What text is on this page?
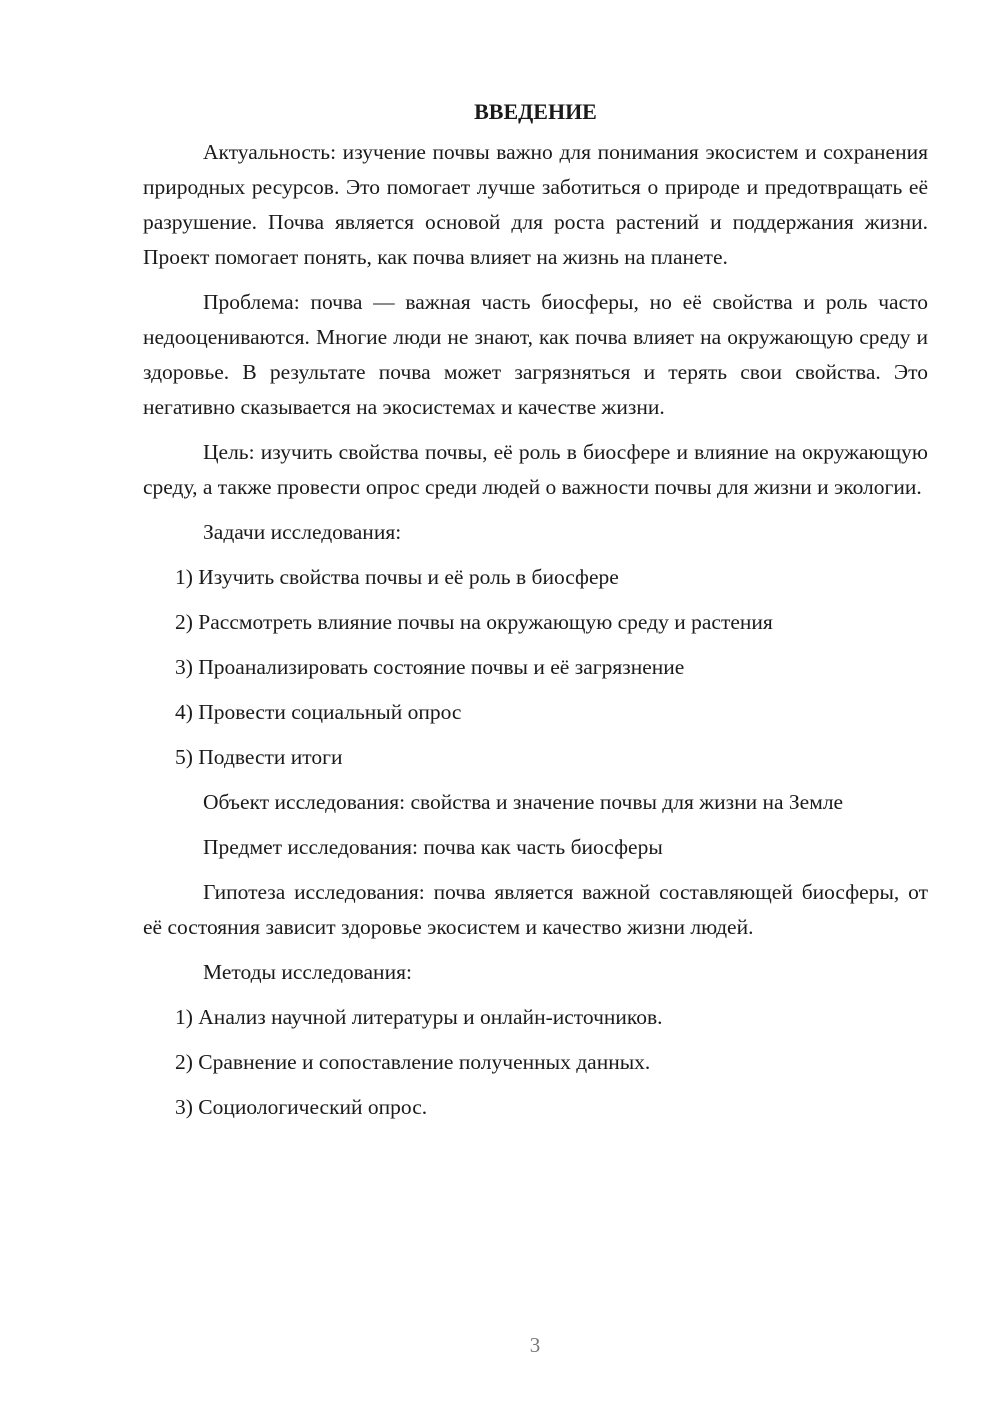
ВВЕДЕНИЕ

Актуальность: изучение почвы важно для понимания экосистем и сохранения природных ресурсов. Это помогает лучше заботиться о природе и предотвращать её разрушение. Почва является основой для роста растений и поддержания жизни. Проект помогает понять, как почва влияет на жизнь на планете.

Проблема: почва — важная часть биосферы, но её свойства и роль часто недооцениваются. Многие люди не знают, как почва влияет на окружающую среду и здоровье. В результате почва может загрязняться и терять свои свойства. Это негативно сказывается на экосистемах и качестве жизни.

Цель: изучить свойства почвы, её роль в биосфере и влияние на окружающую среду, а также провести опрос среди людей о важности почвы для жизни и экологии.

Задачи исследования:

1) Изучить свойства почвы и её роль в биосфере

2) Рассмотреть влияние почвы на окружающую среду и растения

3) Проанализировать состояние почвы и её загрязнение

4) Провести социальный опрос

5) Подвести итоги

Объект исследования: свойства и значение почвы для жизни на Земле

Предмет исследования: почва как часть биосферы

Гипотеза исследования: почва является важной составляющей биосферы, от её состояния зависит здоровье экосистем и качество жизни людей.

Методы исследования:

1) Анализ научной литературы и онлайн-источников.

2) Сравнение и сопоставление полученных данных.

3) Социологический опрос.

3
